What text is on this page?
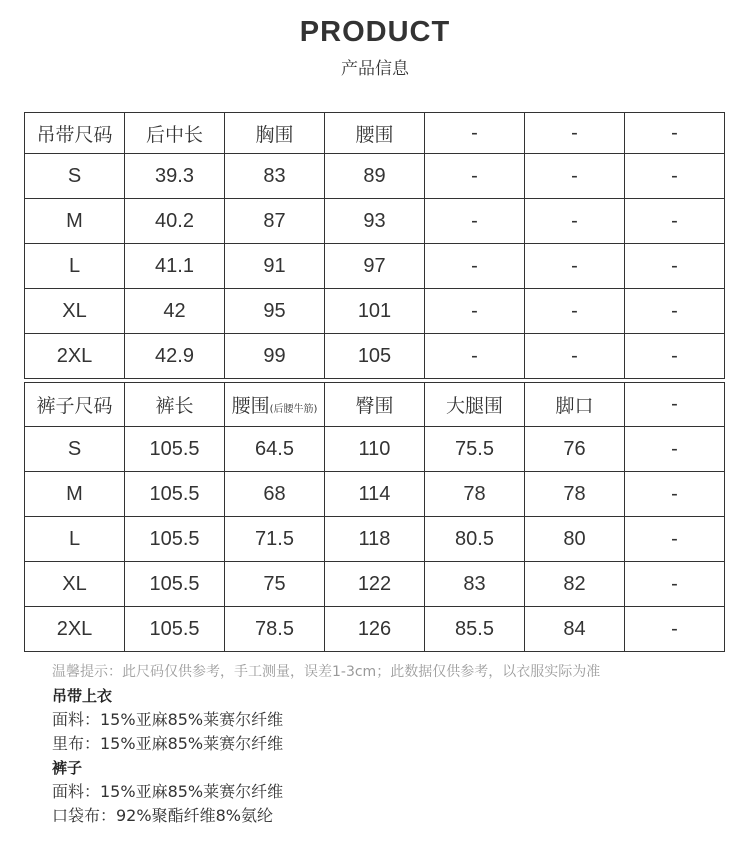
PRODUCT
产品信息
吊带尺码	后中长	胸围	腰围	-	-	-
S	39.3	83	89	-	-	-
M	40.2	87	93	-	-	-
L	41.1	91	97	-	-	-
XL	42	95	101	-	-	-
2XL	42.9	99	105	-	-	-
裤子尺码	裤长	腰围(后腰牛筋)	臀围	大腿围	脚口	-
S	105.5	64.5	110	75.5	76	-
M	105.5	68	114	78	78	-
L	105.5	71.5	118	80.5	80	-
XL	105.5	75	122	83	82	-
2XL	105.5	78.5	126	85.5	84	-
温馨提示：此尺码仅供参考，手工测量，误差1-3cm；此数据仅供参考，以衣服实际为准
吊带上衣
面料：15%亚麻85%莱赛尔纤维
里布：15%亚麻85%莱赛尔纤维
裤子
面料：15%亚麻85%莱赛尔纤维
口袋布：92%聚酯纤维8%氨纶
